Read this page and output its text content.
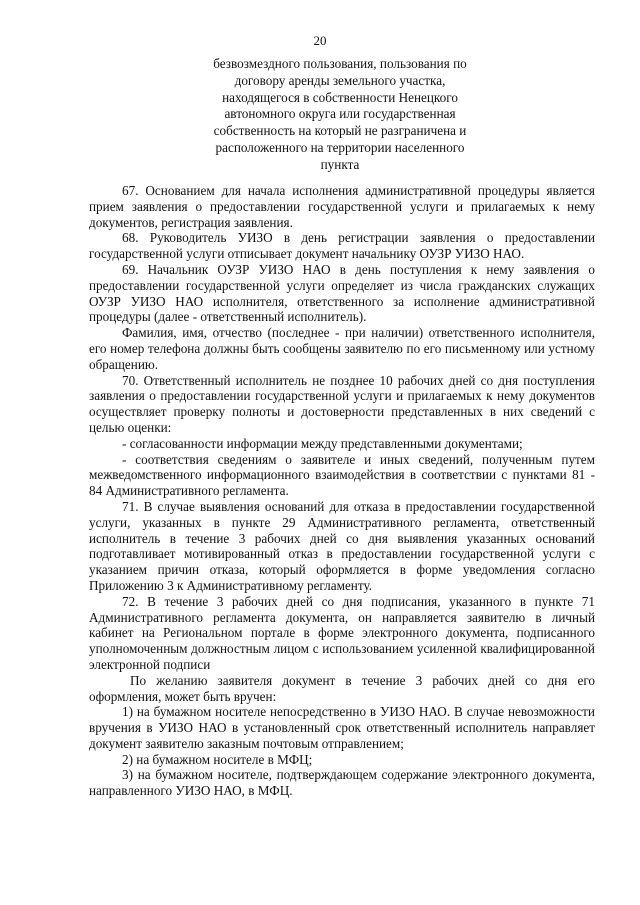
20
безвозмездного пользования, пользования по
договору аренды земельного участка,
находящегося в собственности Ненецкого
автономного округа или государственная
собственность на который не разграничена и
расположенного на территории населенного
пункта

67. Основанием для начала исполнения административной процедуры является прием заявления о предоставлении государственной услуги и прилагаемых к нему документов, регистрация заявления.

68. Руководитель УИЗО в день регистрации заявления о предоставлении государственной услуги отписывает документ начальнику ОУЗР УИЗО НАО.

69. Начальник ОУЗР УИЗО НАО в день поступления к нему заявления о предоставлении государственной услуги определяет из числа гражданских служащих ОУЗР УИЗО НАО исполнителя, ответственного за исполнение административной процедуры (далее - ответственный исполнитель).

Фамилия, имя, отчество (последнее - при наличии) ответственного исполнителя, его номер телефона должны быть сообщены заявителю по его письменному или устному обращению.

70. Ответственный исполнитель не позднее 10 рабочих дней со дня поступления заявления о предоставлении государственной услуги и прилагаемых к нему документов осуществляет проверку полноты и достоверности представленных в них сведений с целью оценки:

- согласованности информации между представленными документами;

- соответствия сведениям о заявителе и иных сведений, полученным путем межведомственного информационного взаимодействия в соответствии с пунктами 81 - 84 Административного регламента.

71. В случае выявления оснований для отказа в предоставлении государственной услуги, указанных в пункте 29 Административного регламента, ответственный исполнитель в течение 3 рабочих дней со дня выявления указанных оснований подготавливает мотивированный отказ в предоставлении государственной услуги с указанием причин отказа, который оформляется в форме уведомления согласно Приложению 3 к Административному регламенту.

72. В течение 3 рабочих дней со дня подписания, указанного в пункте 71 Административного регламента документа, он направляется заявителю в личный кабинет на Региональном портале в форме электронного документа, подписанного уполномоченным должностным лицом с использованием усиленной квалифицированной электронной подписи

По желанию заявителя документ в течение 3 рабочих дней со дня его оформления, может быть вручен:

1) на бумажном носителе непосредственно в УИЗО НАО. В случае невозможности вручения в УИЗО НАО в установленный срок ответственный исполнитель направляет документ заявителю заказным почтовым отправлением;

2) на бумажном носителе в МФЦ;

3) на бумажном носителе, подтверждающем содержание электронного документа, направленного УИЗО НАО, в МФЦ.
